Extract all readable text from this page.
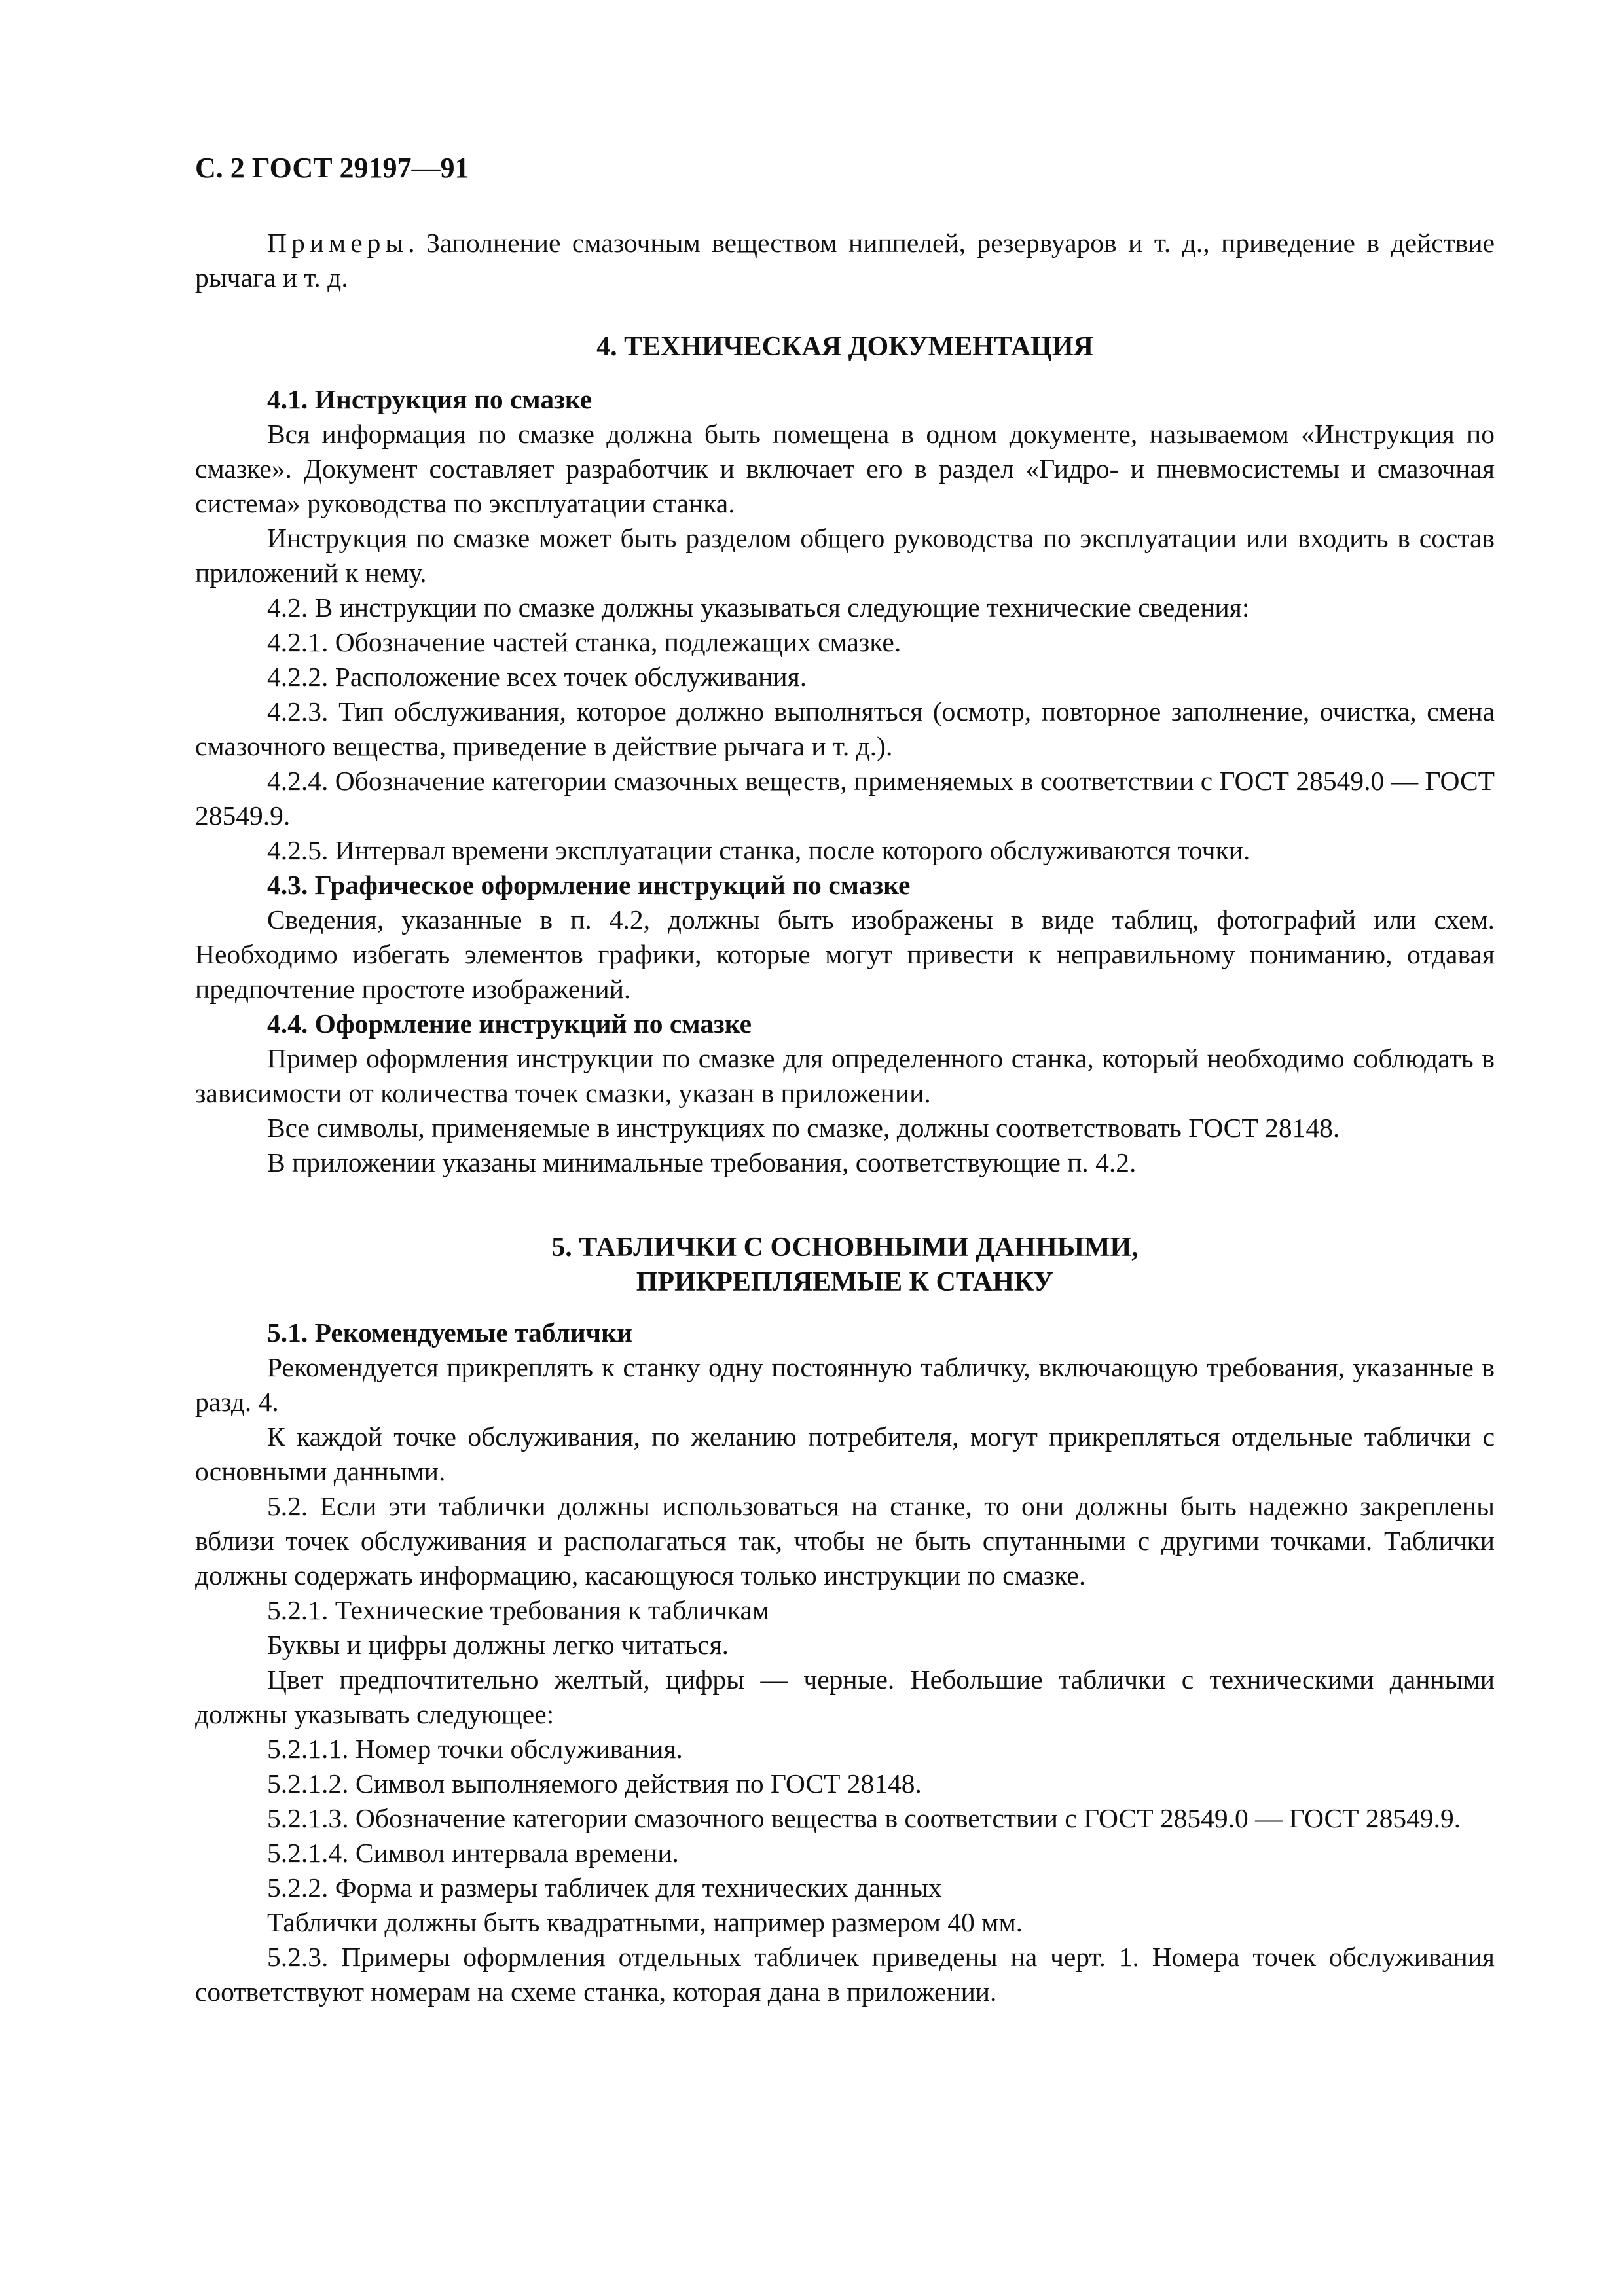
С. 2 ГОСТ 29197—91

Примеры. Заполнение смазочным веществом ниппелей, резервуаров и т. д., приведение в действие рычага и т. д.

4. ТЕХНИЧЕСКАЯ ДОКУМЕНТАЦИЯ

4.1. Инструкция по смазке

Вся информация по смазке должна быть помещена в одном документе, называемом «Инструкция по смазке». Документ составляет разработчик и включает его в раздел «Гидро- и пневмосистемы и смазочная система» руководства по эксплуатации станка.

Инструкция по смазке может быть разделом общего руководства по эксплуатации или входить в состав приложений к нему.

4.2. В инструкции по смазке должны указываться следующие технические сведения:

4.2.1. Обозначение частей станка, подлежащих смазке.

4.2.2. Расположение всех точек обслуживания.

4.2.3. Тип обслуживания, которое должно выполняться (осмотр, повторное заполнение, очистка, смена смазочного вещества, приведение в действие рычага и т. д.).

4.2.4. Обозначение категории смазочных веществ, применяемых в соответствии с ГОСТ 28549.0 — ГОСТ 28549.9.

4.2.5. Интервал времени эксплуатации станка, после которого обслуживаются точки.

4.3. Графическое оформление инструкций по смазке

Сведения, указанные в п. 4.2, должны быть изображены в виде таблиц, фотографий или схем. Необходимо избегать элементов графики, которые могут привести к неправильному пониманию, отдавая предпочтение простоте изображений.

4.4. Оформление инструкций по смазке

Пример оформления инструкции по смазке для определенного станка, который необходимо соблюдать в зависимости от количества точек смазки, указан в приложении.

Все символы, применяемые в инструкциях по смазке, должны соответствовать ГОСТ 28148.

В приложении указаны минимальные требования, соответствующие п. 4.2.

5. ТАБЛИЧКИ С ОСНОВНЫМИ ДАННЫМИ,
ПРИКРЕПЛЯЕМЫЕ К СТАНКУ

5.1. Рекомендуемые таблички

Рекомендуется прикреплять к станку одну постоянную табличку, включающую требования, указанные в разд. 4.

К каждой точке обслуживания, по желанию потребителя, могут прикрепляться отдельные таблички с основными данными.

5.2. Если эти таблички должны использоваться на станке, то они должны быть надежно закреплены вблизи точек обслуживания и располагаться так, чтобы не быть спутанными с другими точками. Таблички должны содержать информацию, касающуюся только инструкции по смазке.

5.2.1. Технические требования к табличкам

Буквы и цифры должны легко читаться.

Цвет предпочтительно желтый, цифры — черные. Небольшие таблички с техническими данными должны указывать следующее:

5.2.1.1. Номер точки обслуживания.

5.2.1.2. Символ выполняемого действия по ГОСТ 28148.

5.2.1.3. Обозначение категории смазочного вещества в соответствии с ГОСТ 28549.0 — ГОСТ 28549.9.

5.2.1.4. Символ интервала времени.

5.2.2. Форма и размеры табличек для технических данных

Таблички должны быть квадратными, например размером 40 мм.

5.2.3. Примеры оформления отдельных табличек приведены на черт. 1. Номера точек обслуживания соответствуют номерам на схеме станка, которая дана в приложении.
